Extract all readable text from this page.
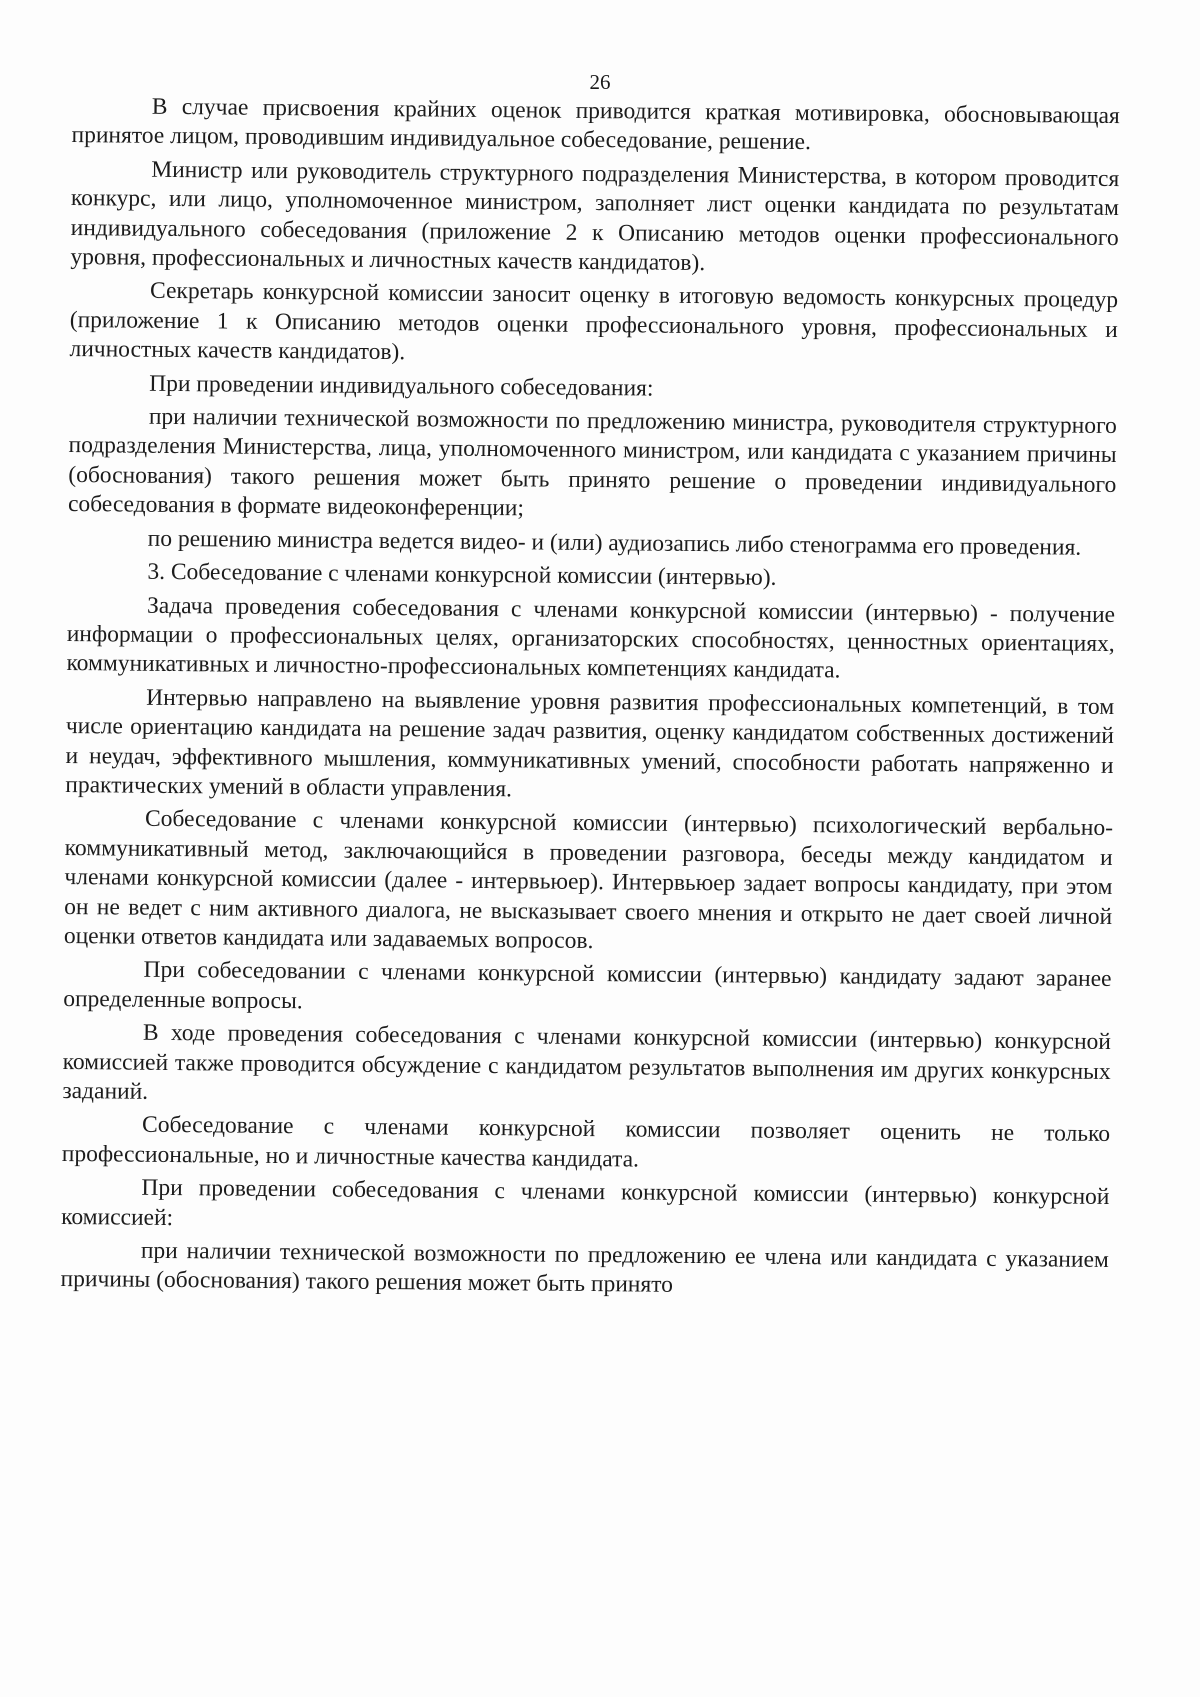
26

В случае присвоения крайних оценок приводится краткая мотивировка, обосновывающая принятое лицом, проводившим индивидуальное собеседование, решение.

Министр или руководитель структурного подразделения Министерства, в котором проводится конкурс, или лицо, уполномоченное министром, заполняет лист оценки кандидата по результатам индивидуального собеседования (приложение 2 к Описанию методов оценки профессионального уровня, профессиональных и личностных качеств кандидатов).

Секретарь конкурсной комиссии заносит оценку в итоговую ведомость конкурсных процедур (приложение 1 к Описанию методов оценки профессионального уровня, профессиональных и личностных качеств кандидатов).

При проведении индивидуального собеседования:

при наличии технической возможности по предложению министра, руководителя структурного подразделения Министерства, лица, уполномоченного министром, или кандидата с указанием причины (обоснования) такого решения может быть принято решение о проведении индивидуального собеседования в формате видеоконференции;

по решению министра ведется видео- и (или) аудиозапись либо стенограмма его проведения.

3. Собеседование с членами конкурсной комиссии (интервью).

Задача проведения собеседования с членами конкурсной комиссии (интервью) - получение информации о профессиональных целях, организаторских способностях, ценностных ориентациях, коммуникативных и личностно-профессиональных компетенциях кандидата.

Интервью направлено на выявление уровня развития профессиональных компетенций, в том числе ориентацию кандидата на решение задач развития, оценку кандидатом собственных достижений и неудач, эффективного мышления, коммуникативных умений, способности работать напряженно и практических умений в области управления.

Собеседование с членами конкурсной комиссии (интервью) психологический вербально-коммуникативный метод, заключающийся в проведении разговора, беседы между кандидатом и членами конкурсной комиссии (далее - интервьюер). Интервьюер задает вопросы кандидату, при этом он не ведет с ним активного диалога, не высказывает своего мнения и открыто не дает своей личной оценки ответов кандидата или задаваемых вопросов.

При собеседовании с членами конкурсной комиссии (интервью) кандидату задают заранее определенные вопросы.

В ходе проведения собеседования с членами конкурсной комиссии (интервью) конкурсной комиссией также проводится обсуждение с кандидатом результатов выполнения им других конкурсных заданий.

Собеседование с членами конкурсной комиссии позволяет оценить не только профессиональные, но и личностные качества кандидата.

При проведении собеседования с членами конкурсной комиссии (интервью) конкурсной комиссией:

при наличии технической возможности по предложению ее члена или кандидата с указанием причины (обоснования) такого решения может быть принято
